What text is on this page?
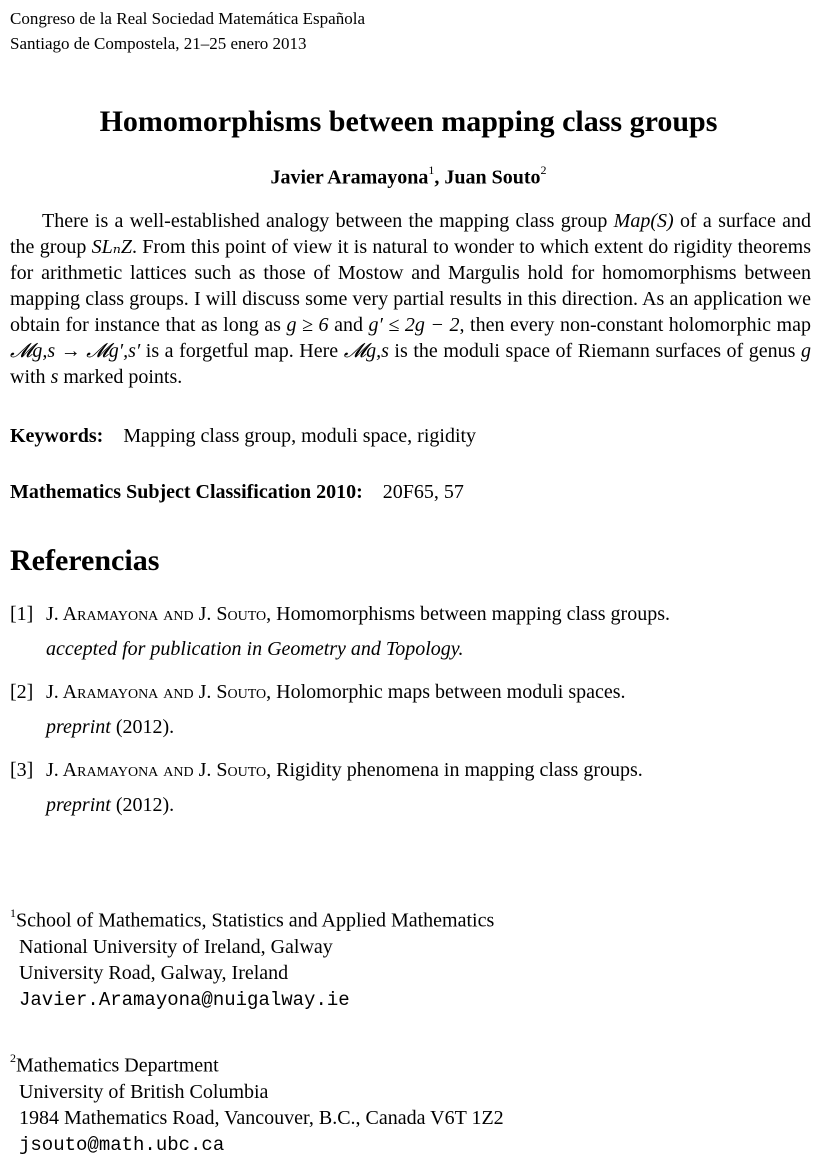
Congreso de la Real Sociedad Matemática Española
Santiago de Compostela, 21–25 enero 2013
Homomorphisms between mapping class groups
Javier Aramayona$^1$, Juan Souto$^2$
There is a well-established analogy between the mapping class group Map(S) of a surface and the group SLₙZ. From this point of view it is natural to wonder to which extent do rigidity theorems for arithmetic lattices such as those of Mostow and Margulis hold for homomorphisms between mapping class groups. I will discuss some very partial results in this direction. As an application we obtain for instance that as long as g ≥ 6 and g′ ≤ 2g − 2, then every non-constant holomorphic map 𝓜g,s → 𝓜g′,s′ is a forgetful map. Here 𝓜g,s is the moduli space of Riemann surfaces of genus g with s marked points.
Keywords: Mapping class group, moduli space, rigidity
Mathematics Subject Classification 2010: 20F65, 57
Referencias
[1] J. Aramayona and J. Souto, Homomorphisms between mapping class groups.
accepted for publication in Geometry and Topology.
[2] J. Aramayona and J. Souto, Holomorphic maps between moduli spaces.
preprint (2012).
[3] J. Aramayona and J. Souto, Rigidity phenomena in mapping class groups.
preprint (2012).
$^1$School of Mathematics, Statistics and Applied Mathematics
National University of Ireland, Galway
University Road, Galway, Ireland
Javier.Aramayona@nuigalway.ie
$^2$Mathematics Department
University of British Columbia
1984 Mathematics Road, Vancouver, B.C., Canada V6T 1Z2
jsouto@math.ubc.ca
